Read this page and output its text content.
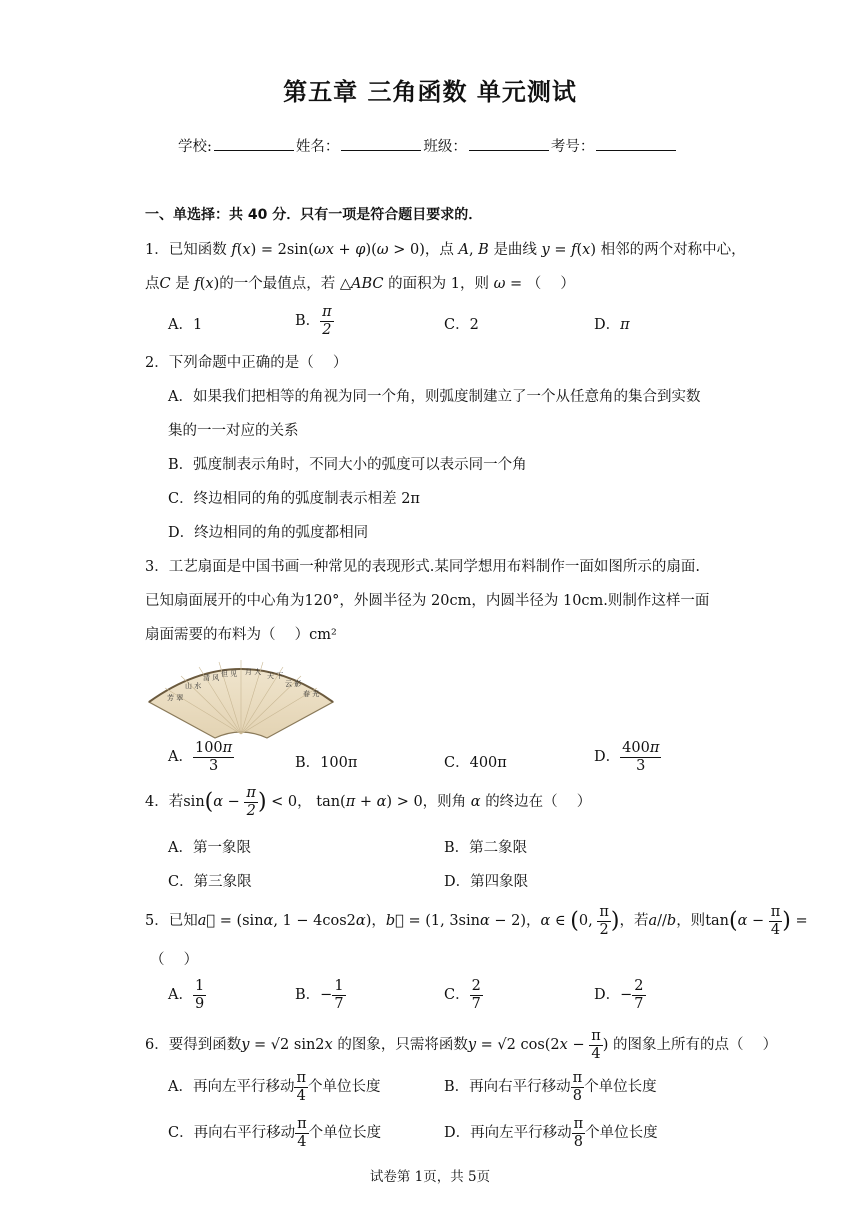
第五章 三角函数 单元测试
学校:	姓名：	班级：	考号：
一、单选择：共 40 分．只有一项是符合题目要求的．
1．已知函数 f(x) = 2sin(ωx + φ)(ω > 0)，点 A, B 是曲线 y = f(x) 相邻的两个对称中心，
点C 是 f(x)的一个最值点，若 △ABC 的面积为 1，则 ω = （　 ）
A．1	B． $\frac{\pi}{2}$	C．2	D．π
2．下列命题中正确的是（　 ）
A．如果我们把相等的角视为同一个角，则弧度制建立了一个从任意角的集合到实数
集的一一对应的关系
B．弧度制表示角时，不同大小的弧度可以表示同一个角
C．终边相同的角的弧度制表示相差 2π
D．终边相同的角的弧度都相同
3．工艺扇面是中国书画一种常见的表现形式.某同学想用布料制作一面如图所示的扇面.
已知扇面展开的中心角为120°，外圆半径为 20cm，内圆半径为 10cm.则制作这样一面
扇面需要的布料为（　 ）cm²
芳 翠
山 水
清 风 但 见 月 人 天 下
云 影
春 光
A． $\frac{100\pi}{3}$	B．100π	C．400π	D． $\frac{400\pi}{3}$
4．若$\sin(\alpha - \frac{\pi}{2}$ ) < 0， tan(π + α) > 0，则角 α 的终边在（　 ）
A．第一象限	B．第二象限
C．第三象限	D．第四象限
5．已知a⃗ = (sinα, 1 − 4cos2α)，b⃗ = (1, 3sinα − 2)，α ∈ (0, $\frac{\pi}{2}$ )，若a//b，则$\tan(\alpha - \frac{\pi}{4}$ ) =
（　 ）
A． $\frac{1}{9}$	B．− $\frac{1}{7}$	C． $\frac{2}{7}$	D．− $\frac{2}{7}$
6．要得到函数y = √2 sin2x 的图象，只需将函数y = √2 $\cos(2x - \frac{\pi}{4}$ ) 的图象上所有的点（　 ）
A．再向左平行移动 $\frac{\pi}{4}$ 个单位长度	B．再向右平行移动 $\frac{\pi}{8}$ 个单位长度
C．再向右平行移动 $\frac{\pi}{4}$ 个单位长度	D．再向左平行移动 $\frac{\pi}{8}$ 个单位长度
试卷第 1页，共 5页
